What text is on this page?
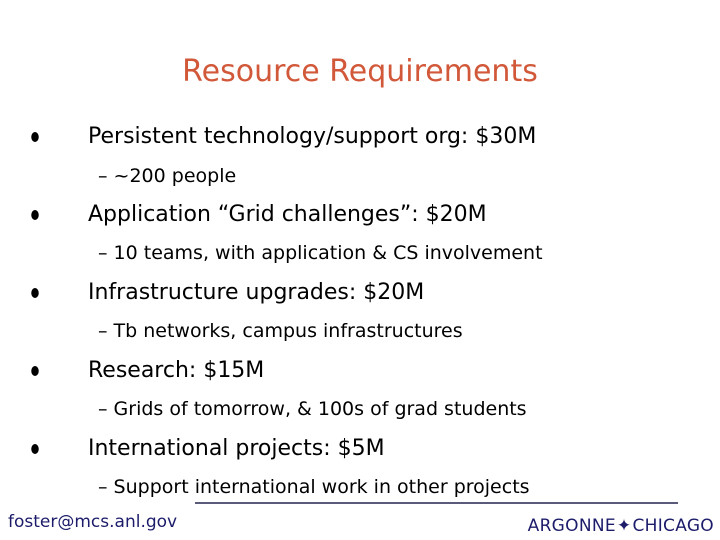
Resource Requirements
Persistent technology/support org: $30M
– ~200 people
Application “Grid challenges”: $20M
– 10 teams, with application & CS involvement
Infrastructure upgrades: $20M
– Tb networks, campus infrastructures
Research: $15M
– Grids of tomorrow, & 100s of grad students
International projects: $5M
– Support international work in other projects
foster@mcs.anl.gov	ARGONNE✦CHICAGO
